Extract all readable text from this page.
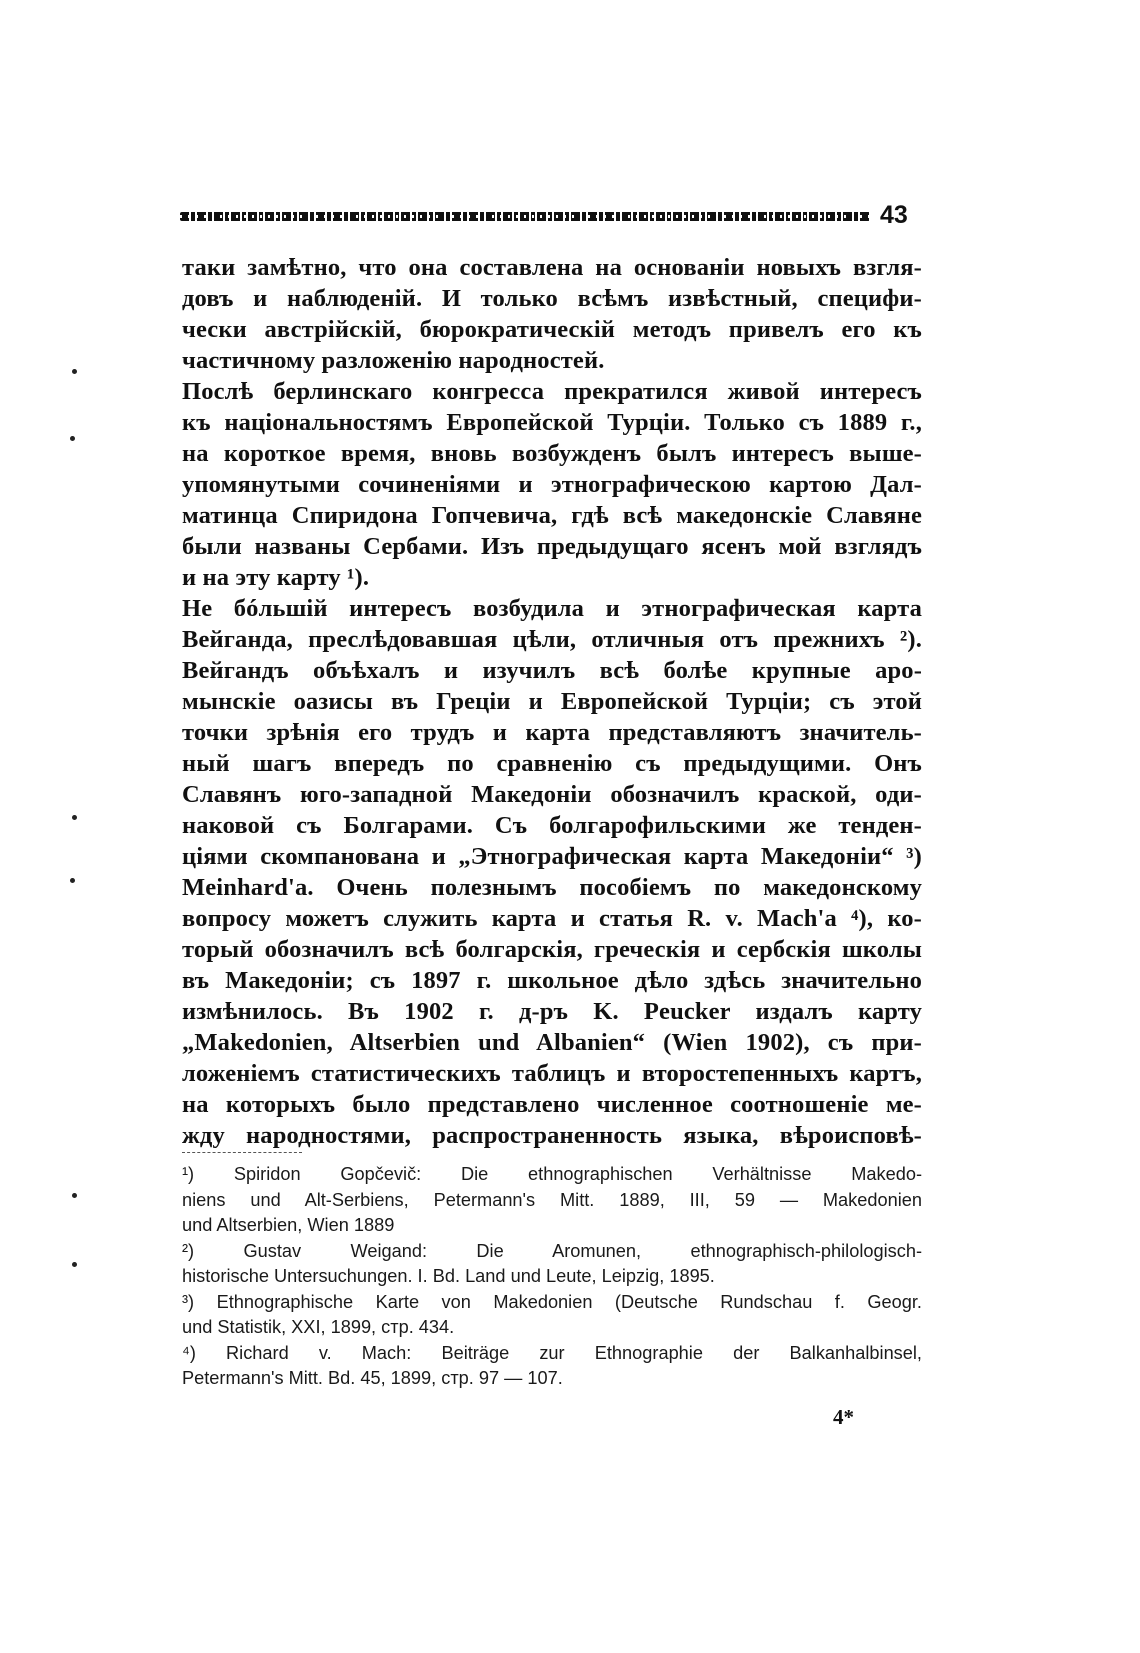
43
таки замѣтно, что она составлена на основаніи новыхъ взгля-
довъ и наблюденій. И только всѣмъ извѣстный, специфи-
чески австрійскій, бюрократическій методъ привелъ его къ
частичному разложенію народностей.
Послѣ берлинскаго конгресса прекратился живой интересъ
къ національностямъ Европейской Турціи. Только съ 1889 г.,
на короткое время, вновь возбужденъ былъ интересъ выше-
упомянутыми сочиненіями и этнографическою картою Дал-
матинца Спиридона Гопчевича, гдѣ всѣ македонскіе Славяне
были названы Сербами. Изъ предыдущаго ясенъ мой взглядъ
и на эту карту ¹).
Не бóльшій интересъ возбудила и этнографическая карта
Вейганда, преслѣдовавшая цѣли, отличныя отъ прежнихъ ²).
Вейгандъ объѣхалъ и изучилъ всѣ болѣе крупные аро-
мынскіе оазисы въ Греціи и Европейской Турціи; съ этой
точки зрѣнія его трудъ и карта представляютъ значитель-
ный шагъ впередъ по сравненію съ предыдущими. Онъ
Славянъ юго-западной Македоніи обозначилъ краской, оди-
наковой съ Болгарами. Съ болгарофильскими же тенден-
ціями скомпанована и „Этнографическая карта Македоніи“ ³)
Meinhard'а. Очень полезнымъ пособіемъ по македонскому
вопросу можетъ служить карта и статья R. v. Mach'а ⁴), ко-
торый обозначилъ всѣ болгарскія, греческія и сербскія школы
въ Македоніи; съ 1897 г. школьное дѣло здѣсь значительно
измѣнилось. Въ 1902 г. д-ръ K. Peucker издалъ карту
„Makedonien, Altserbien und Albanien“ (Wien 1902), съ при-
ложеніемъ статистическихъ таблицъ и второстепенныхъ картъ,
на которыхъ было представлено численное соотношеніе ме-
жду народностями, распространенность языка, вѣроисповѣ-
¹) Spiridon Gopčevič: Die ethnographischen Verhältnisse Makedo-
niens und Alt-Serbiens, Petermann's Mitt. 1889, III, 59 — Makedonien
und Altserbien, Wien 1889
²) Gustav Weigand: Die Aromunen, ethnographisch-philologisch-
historische Untersuchungen. I. Bd. Land und Leute, Leipzig, 1895.
³) Ethnographische Karte von Makedonien (Deutsche Rundschau f. Geogr.
und Statistik, XXI, 1899, стр. 434.
⁴) Richard v. Mach: Beiträge zur Ethnographie der Balkanhalbinsel,
Petermann's Mitt. Bd. 45, 1899, стр. 97 — 107.
4*
